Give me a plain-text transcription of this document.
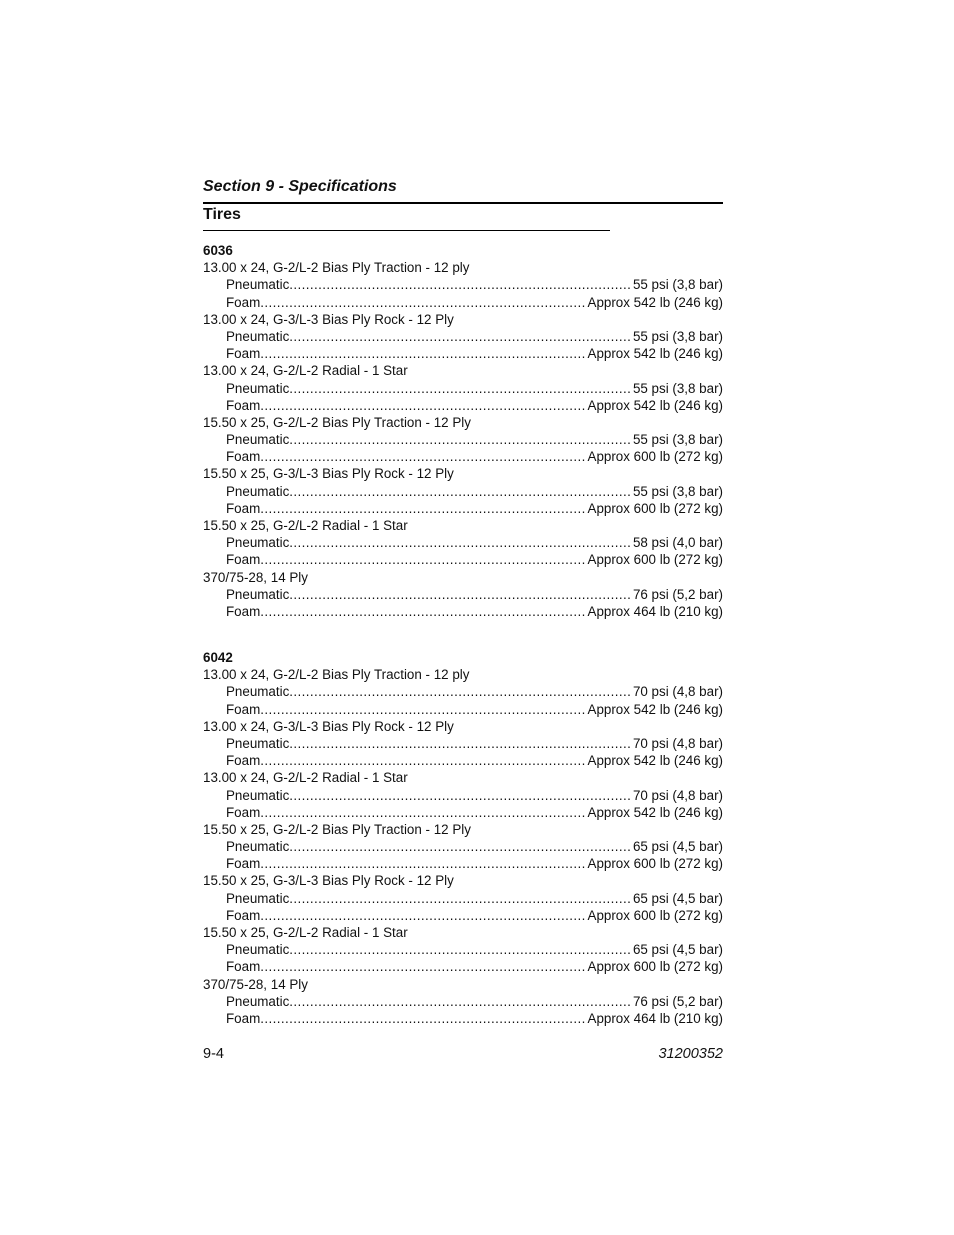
Section 9 - Specifications
Tires
6036
13.00 x 24, G-2/L-2 Bias Ply Traction - 12 ply
Pneumatic .....	55 psi (3,8 bar)
Foam .....	Approx 542 lb (246 kg)
13.00 x 24, G-3/L-3 Bias Ply Rock - 12 Ply
Pneumatic .....	55 psi (3,8 bar)
Foam .....	Approx 542 lb (246 kg)
13.00 x 24, G-2/L-2 Radial - 1 Star
Pneumatic .....	55 psi (3,8 bar)
Foam .....	Approx 542 lb (246 kg)
15.50 x 25, G-2/L-2 Bias Ply Traction - 12 Ply
Pneumatic .....	55 psi (3,8 bar)
Foam .....	Approx 600 lb (272 kg)
15.50 x 25, G-3/L-3 Bias Ply Rock - 12 Ply
Pneumatic .....	55 psi (3,8 bar)
Foam .....	Approx 600 lb (272 kg)
15.50 x 25, G-2/L-2 Radial - 1 Star
Pneumatic .....	58 psi (4,0 bar)
Foam .....	Approx 600 lb (272 kg)
370/75-28, 14 Ply
Pneumatic .....	76 psi (5,2 bar)
Foam .....	Approx 464 lb (210 kg)
6042
13.00 x 24, G-2/L-2 Bias Ply Traction - 12 ply
Pneumatic .....	70 psi (4,8 bar)
Foam .....	Approx 542 lb (246 kg)
13.00 x 24, G-3/L-3 Bias Ply Rock - 12 Ply
Pneumatic .....	70 psi (4,8 bar)
Foam .....	Approx 542 lb (246 kg)
13.00 x 24, G-2/L-2 Radial - 1 Star
Pneumatic .....	70 psi (4,8 bar)
Foam .....	Approx 542 lb (246 kg)
15.50 x 25, G-2/L-2 Bias Ply Traction - 12 Ply
Pneumatic .....	65 psi (4,5 bar)
Foam .....	Approx 600 lb (272 kg)
15.50 x 25, G-3/L-3 Bias Ply Rock - 12 Ply
Pneumatic .....	65 psi (4,5 bar)
Foam .....	Approx 600 lb (272 kg)
15.50 x 25, G-2/L-2 Radial - 1 Star
Pneumatic .....	65 psi (4,5 bar)
Foam .....	Approx 600 lb (272 kg)
370/75-28, 14 Ply
Pneumatic .....	76 psi (5,2 bar)
Foam .....	Approx 464 lb (210 kg)
9-4	31200352
